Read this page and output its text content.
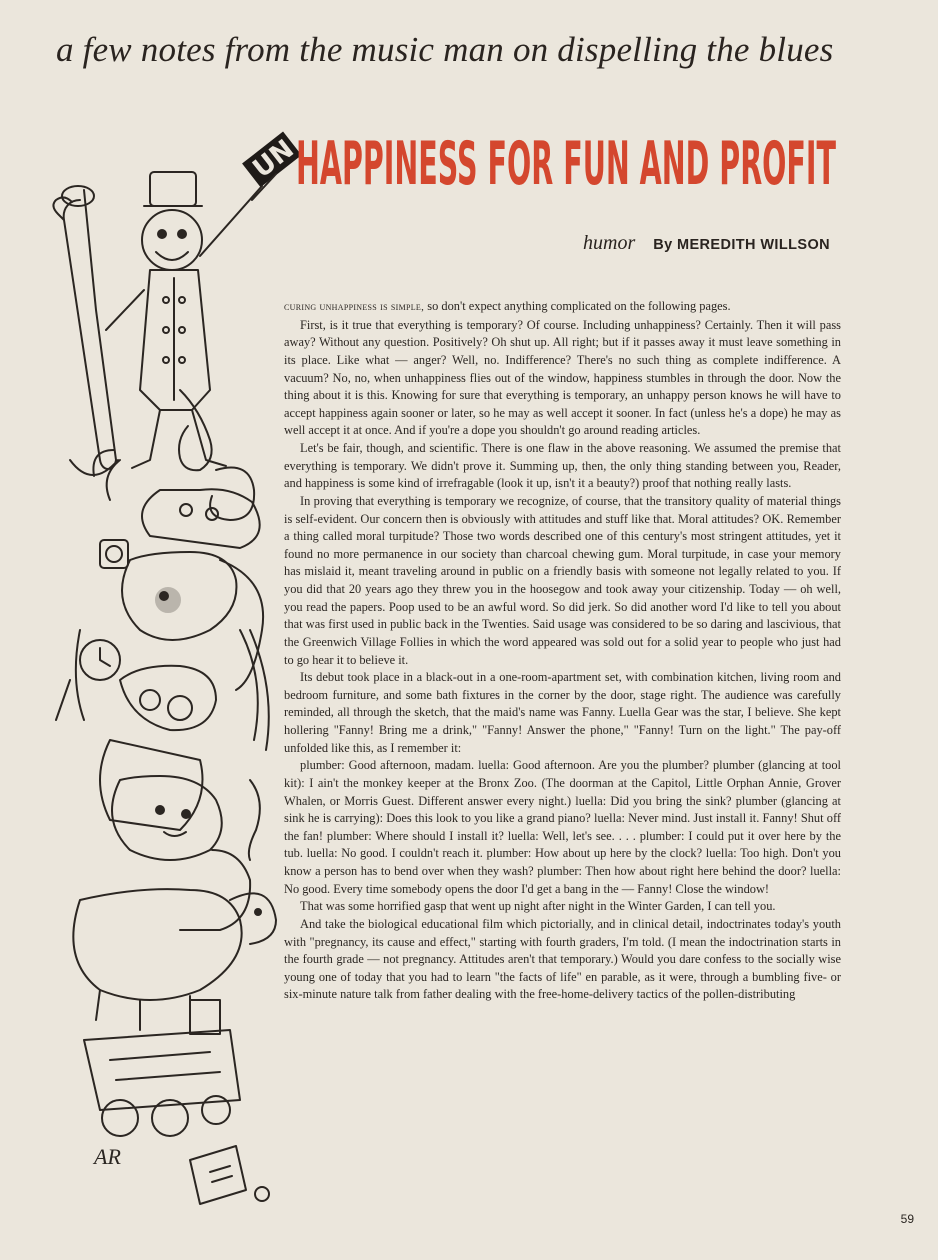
a few notes from the music man on dispelling the blues
UN
HAPPINESS FOR FUN AND PROFIT
humor By MEREDITH WILLSON
AR

curing unhappiness is simple, so don't expect anything complicated on the following pages.

First, is it true that everything is temporary? Of course. Including unhappiness? Certainly. Then it will pass away? Without any question. Positively? Oh shut up. All right; but if it passes away it must leave something in its place. Like what — anger? Well, no. Indifference? There's no such thing as complete indifference. A vacuum? No, no, when unhappiness flies out of the window, happiness stumbles in through the door. Now the thing about it is this. Knowing for sure that everything is temporary, an unhappy person knows he will have to accept happiness again sooner or later, so he may as well accept it sooner. In fact (unless he's a dope) he may as well accept it at once. And if you're a dope you shouldn't go around reading articles.

Let's be fair, though, and scientific. There is one flaw in the above reasoning. We assumed the premise that everything is temporary. We didn't prove it. Summing up, then, the only thing standing between you, Reader, and happiness is some kind of irrefragable (look it up, isn't it a beauty?) proof that nothing really lasts.

In proving that everything is temporary we recognize, of course, that the transitory quality of material things is self-evident. Our concern then is obviously with attitudes and stuff like that. Moral attitudes? OK. Remember a thing called moral turpitude? Those two words described one of this century's most stringent attitudes, yet it found no more permanence in our society than charcoal chewing gum. Moral turpitude, in case your memory has mislaid it, meant traveling around in public on a friendly basis with someone not legally related to you. If you did that 20 years ago they threw you in the hoosegow and took away your citizenship. Today — oh well, you read the papers. Poop used to be an awful word. So did jerk. So did another word I'd like to tell you about that was first used in public back in the Twenties. Said usage was considered to be so daring and lascivious, that the Greenwich Village Follies in which the word appeared was sold out for a solid year to people who just had to go hear it to believe it.

Its debut took place in a black-out in a one-room-apartment set, with combination kitchen, living room and bedroom furniture, and some bath fixtures in the corner by the door, stage right. The audience was carefully reminded, all through the sketch, that the maid's name was Fanny. Luella Gear was the star, I believe. She kept hollering "Fanny! Bring me a drink," "Fanny! Answer the phone," "Fanny! Turn on the light." The pay-off unfolded like this, as I remember it:

plumber: Good afternoon, madam. luella: Good afternoon. Are you the plumber? plumber (glancing at tool kit): I ain't the monkey keeper at the Bronx Zoo. (The doorman at the Capitol, Little Orphan Annie, Grover Whalen, or Morris Guest. Different answer every night.) luella: Did you bring the sink? plumber (glancing at sink he is carrying): Does this look to you like a grand piano? luella: Never mind. Just install it. Fanny! Shut off the fan! plumber: Where should I install it? luella: Well, let's see. . . . plumber: I could put it over here by the tub. luella: No good. I couldn't reach it. plumber: How about up here by the clock? luella: Too high. Don't you know a person has to bend over when they wash? plumber: Then how about right here behind the door? luella: No good. Every time somebody opens the door I'd get a bang in the — Fanny! Close the window!

That was some horrified gasp that went up night after night in the Winter Garden, I can tell you.

And take the biological educational film which pictorially, and in clinical detail, indoctrinates today's youth with "pregnancy, its cause and effect," starting with fourth graders, I'm told. (I mean the indoctrination starts in the fourth grade — not pregnancy. Attitudes aren't that temporary.) Would you dare confess to the socially wise young one of today that you had to learn "the facts of life" en parable, as it were, through a bumbling five- or six-minute nature talk from father dealing with the free-home-delivery tactics of the pollen-distributing

59
